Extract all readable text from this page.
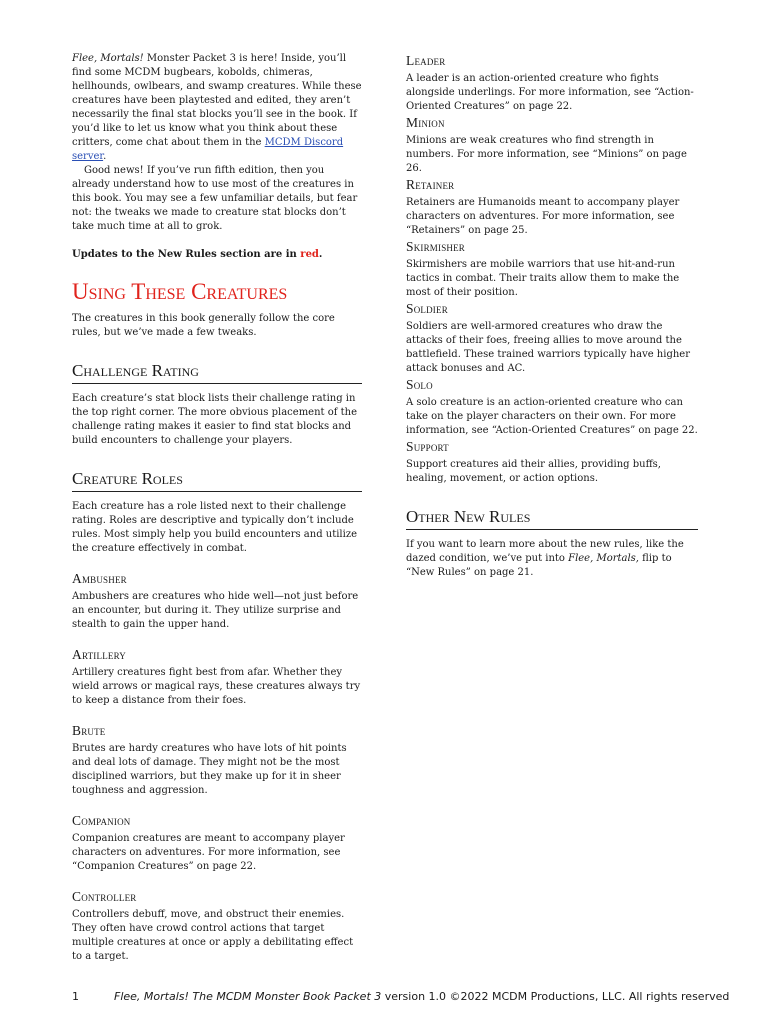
Flee, Mortals! Monster Packet 3 is here! Inside, you’ll find some MCDM bugbears, kobolds, chimeras, hellhounds, owlbears, and swamp creatures. While these creatures have been playtested and edited, they aren’t necessarily the final stat blocks you’ll see in the book. If you’d like to let us know what you think about these critters, come chat about them in the MCDM Discord server.

Good news! If you’ve run fifth edition, then you already understand how to use most of the creatures in this book. You may see a few unfamiliar details, but fear not: the tweaks we made to creature stat blocks don’t take much time at all to grok.

Updates to the New Rules section are in red.

Using These Creatures

The creatures in this book generally follow the core rules, but we’ve made a few tweaks.

Challenge Rating

Each creature’s stat block lists their challenge rating in the top right corner. The more obvious placement of the challenge rating makes it easier to find stat blocks and build encounters to challenge your players.

Creature Roles

Each creature has a role listed next to their challenge rating. Roles are descriptive and typically don’t include rules. Most simply help you build encounters and utilize the creature effectively in combat.

Ambusher

Ambushers are creatures who hide well—not just before an encounter, but during it. They utilize surprise and stealth to gain the upper hand.

Artillery

Artillery creatures fight best from afar. Whether they wield arrows or magical rays, these creatures always try to keep a distance from their foes.

Brute

Brutes are hardy creatures who have lots of hit points and deal lots of damage. They might not be the most disciplined warriors, but they make up for it in sheer toughness and aggression.

Companion

Companion creatures are meant to accompany player characters on adventures. For more information, see “Companion Creatures” on page 22.

Controller

Controllers debuff, move, and obstruct their enemies. They often have crowd control actions that target multiple creatures at once or apply a debilitating effect to a target.

Leader

A leader is an action-oriented creature who fights alongside underlings. For more information, see “Action-Oriented Creatures” on page 22.

Minion

Minions are weak creatures who find strength in numbers. For more information, see “Minions” on page 26.

Retainer

Retainers are Humanoids meant to accompany player characters on adventures. For more information, see “Retainers” on page 25.

Skirmisher

Skirmishers are mobile warriors that use hit-and-run tactics in combat. Their traits allow them to make the most of their position.

Soldier

Soldiers are well-armored creatures who draw the attacks of their foes, freeing allies to move around the battlefield. These trained warriors typically have higher attack bonuses and AC.

Solo

A solo creature is an action-oriented creature who can take on the player characters on their own. For more information, see “Action-Oriented Creatures” on page 22.

Support

Support creatures aid their allies, providing buffs, healing, movement, or action options.

Other New Rules

If you want to learn more about the new rules, like the dazed condition, we’ve put into Flee, Mortals, flip to “New Rules” on page 21.

1	Flee, Mortals! The MCDM Monster Book Packet 3 version 1.0 ©2022 MCDM Productions, LLC. All rights reserved
